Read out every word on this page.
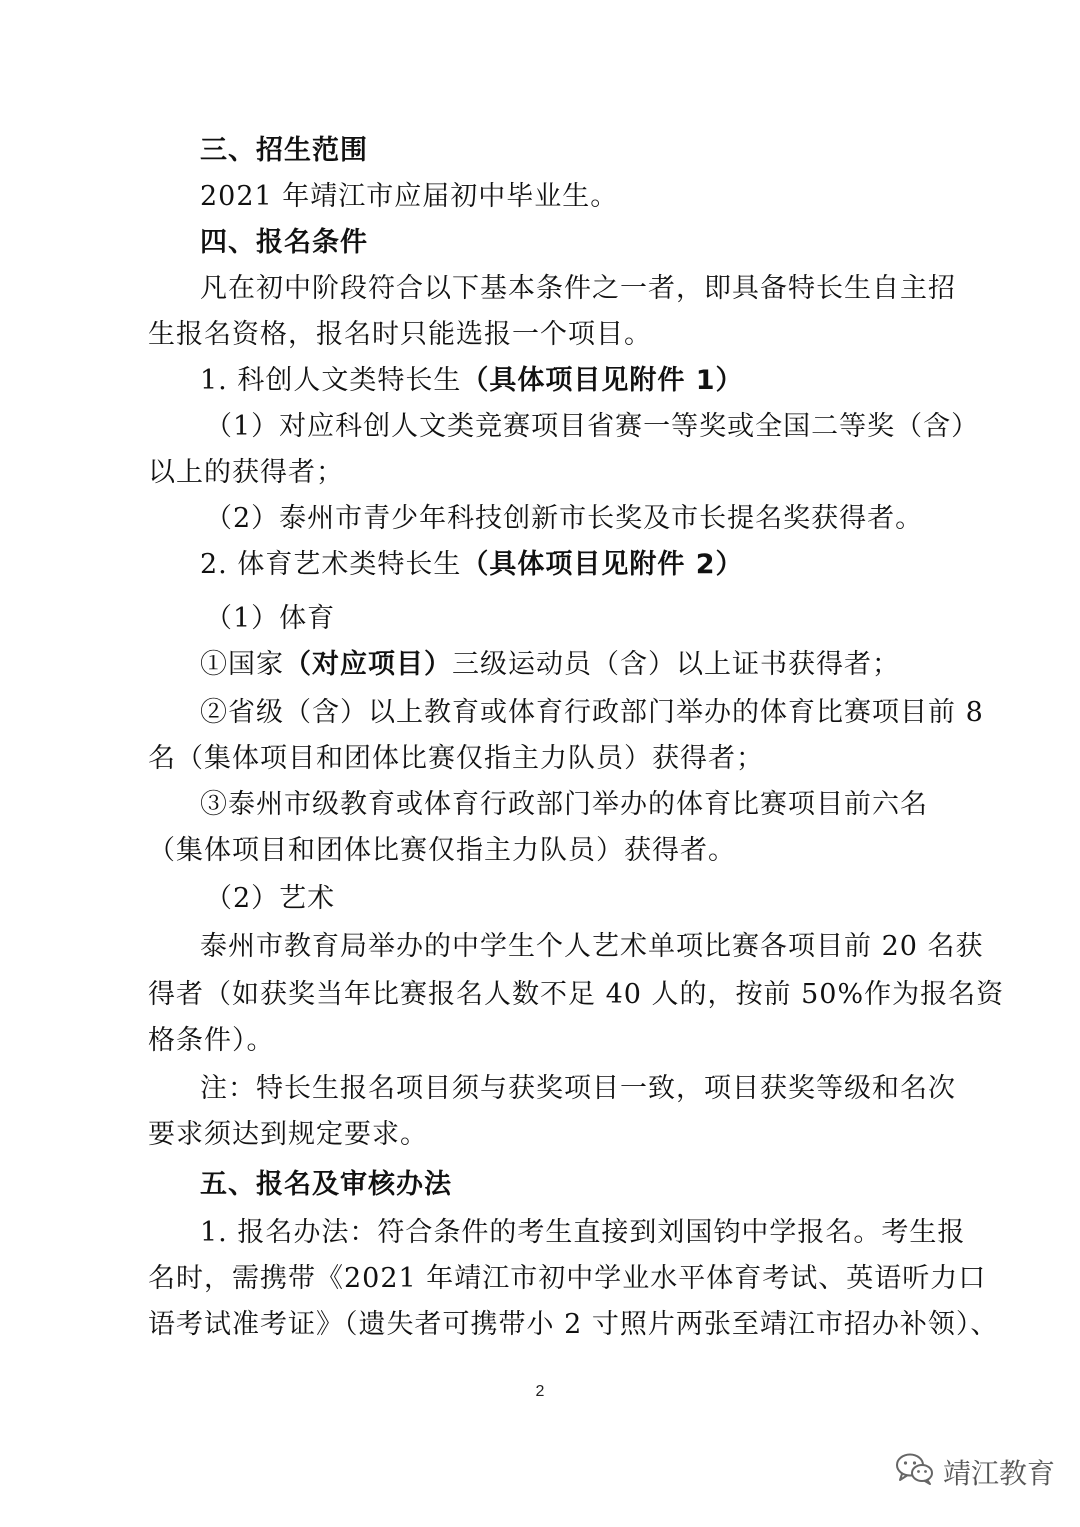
三、招生范围
2021 年靖江市应届初中毕业生。
四、报名条件
凡在初中阶段符合以下基本条件之一者，即具备特长生自主招
生报名资格，报名时只能选报一个项目。
1. 科创人文类特长生（具体项目见附件 1）
（1）对应科创人文类竞赛项目省赛一等奖或全国二等奖（含）
以上的获得者；
（2）泰州市青少年科技创新市长奖及市长提名奖获得者。
2. 体育艺术类特长生（具体项目见附件 2）
（1）体育
①国家（对应项目）三级运动员（含）以上证书获得者；
②省级（含）以上教育或体育行政部门举办的体育比赛项目前 8
名（集体项目和团体比赛仅指主力队员）获得者；
③泰州市级教育或体育行政部门举办的体育比赛项目前六名
（集体项目和团体比赛仅指主力队员）获得者。
（2）艺术
泰州市教育局举办的中学生个人艺术单项比赛各项目前 20 名获
得者（如获奖当年比赛报名人数不足 40 人的，按前 50%作为报名资
格条件）。
注：特长生报名项目须与获奖项目一致，项目获奖等级和名次
要求须达到规定要求。
五、报名及审核办法
1. 报名办法：符合条件的考生直接到刘国钧中学报名。考生报
名时，需携带《2021 年靖江市初中学业水平体育考试、英语听力口
语考试准考证》（遗失者可携带小 2 寸照片两张至靖江市招办补领）、
2
靖江教育
